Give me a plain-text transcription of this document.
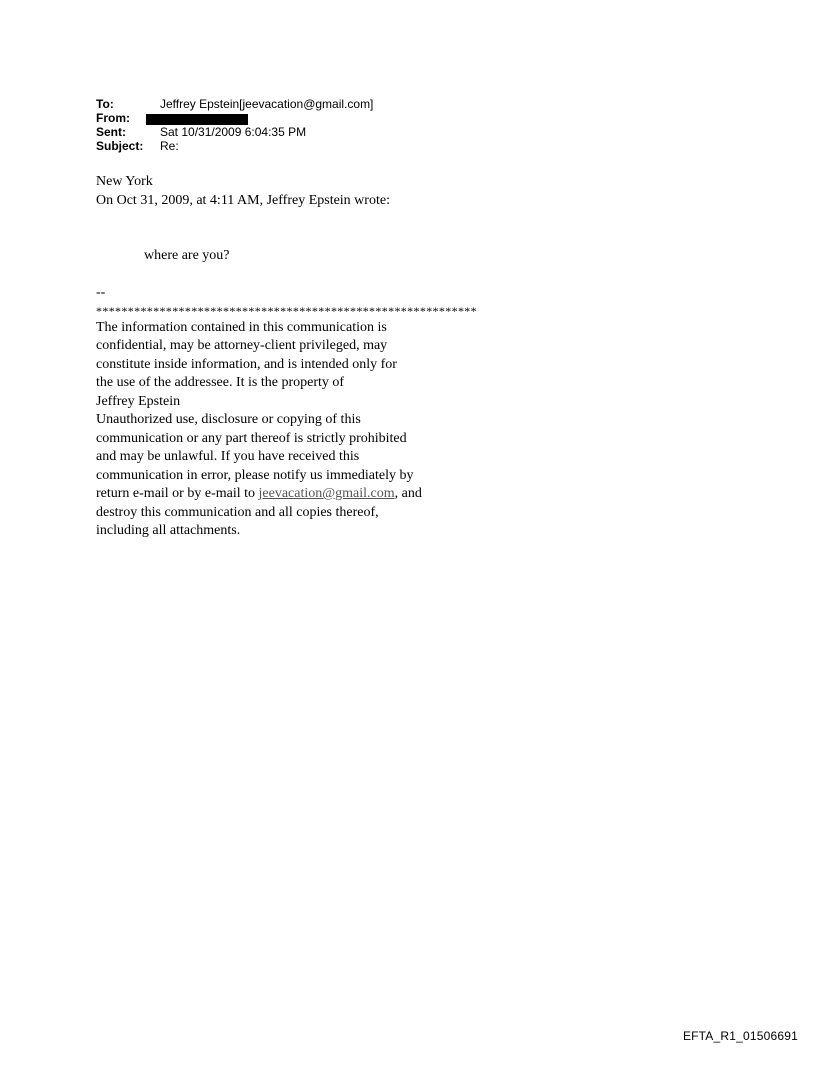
To:	Jeffrey Epstein[jeevacation@gmail.com]
From:
Sent:	Sat 10/31/2009 6:04:35 PM
Subject:	Re:
New York
On Oct 31, 2009, at 4:11 AM, Jeffrey Epstein wrote:
where are you?
--
************************************************************
The information contained in this communication is
confidential, may be attorney-client privileged, may
constitute inside information, and is intended only for
the use of the addressee. It is the property of
Jeffrey Epstein
Unauthorized use, disclosure or copying of this
communication or any part thereof is strictly prohibited
and may be unlawful. If you have received this
communication in error, please notify us immediately by
return e-mail or by e-mail to jeevacation@gmail.com, and
destroy this communication and all copies thereof,
including all attachments.
EFTA_R1_01506691
